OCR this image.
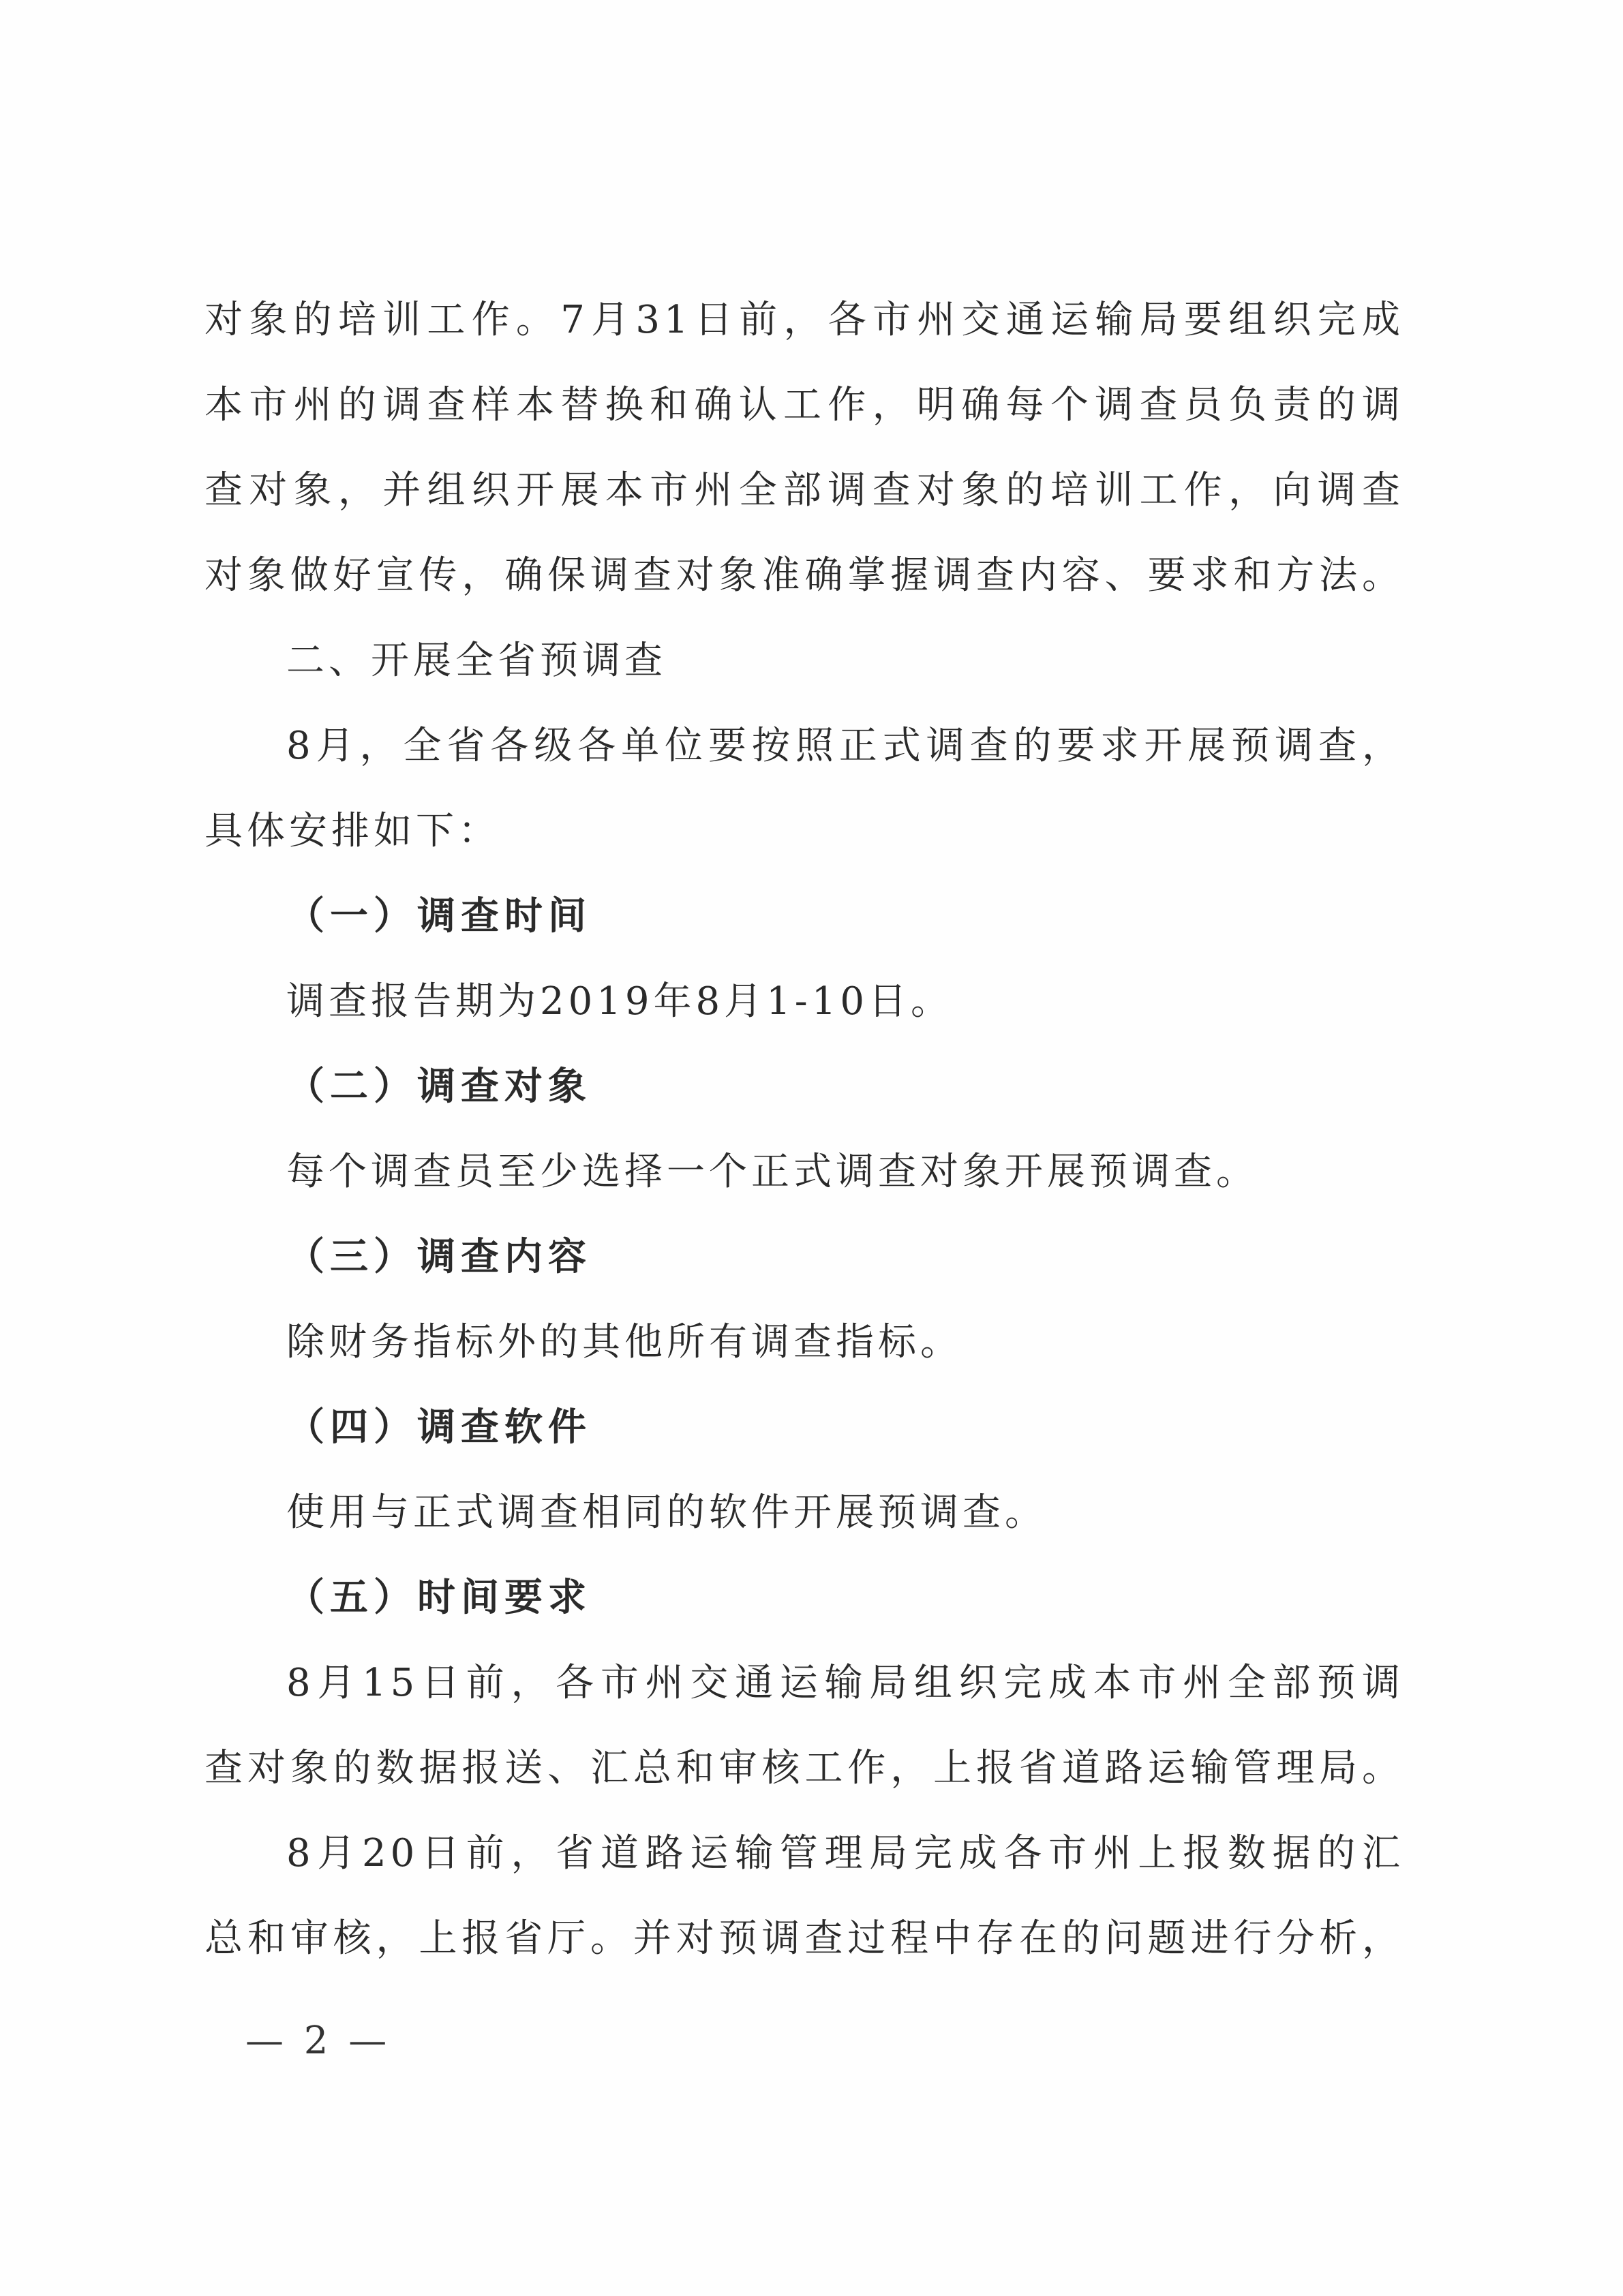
对象的培训工作。7月31日前，各市州交通运输局要组织完成
本市州的调查样本替换和确认工作，明确每个调查员负责的调
查对象，并组织开展本市州全部调查对象的培训工作，向调查
对象做好宣传，确保调查对象准确掌握调查内容、要求和方法。
二、开展全省预调查
8月，全省各级各单位要按照正式调查的要求开展预调查，
具体安排如下：
（一）调查时间
调查报告期为2019年8月1-10日。
（二）调查对象
每个调查员至少选择一个正式调查对象开展预调查。
（三）调查内容
除财务指标外的其他所有调查指标。
（四）调查软件
使用与正式调查相同的软件开展预调查。
（五）时间要求
8月15日前，各市州交通运输局组织完成本市州全部预调
查对象的数据报送、汇总和审核工作，上报省道路运输管理局。
8月20日前，省道路运输管理局完成各市州上报数据的汇
总和审核，上报省厅。并对预调查过程中存在的问题进行分析，
— 2 —
